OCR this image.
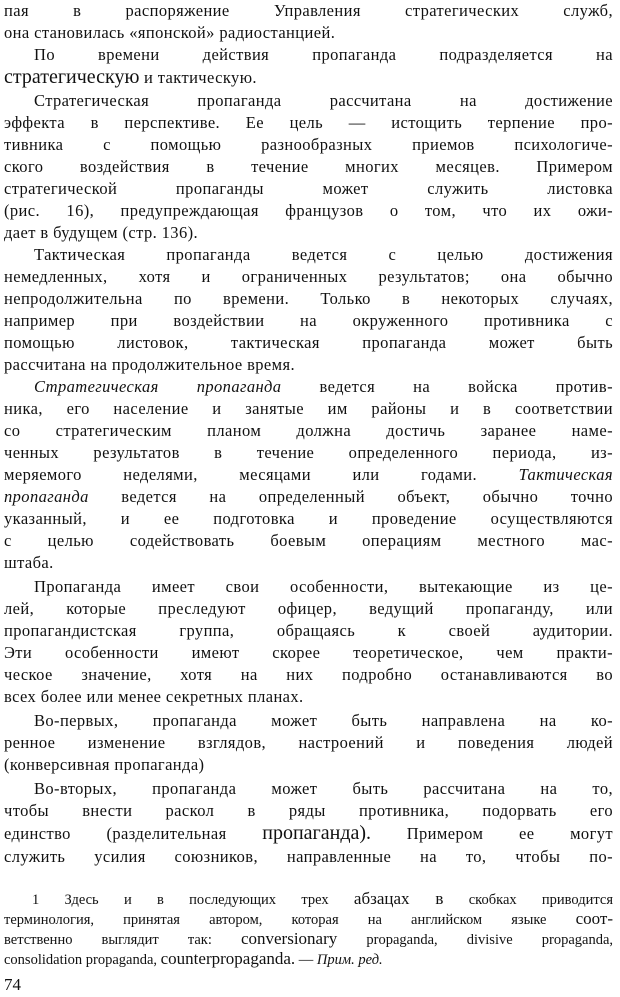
пая в распоряжение Управления стратегических служб,
она становилась «японской» радиостанцией.
По времени действия пропаганда подразделяется на
стратегическую и тактическую.
Стратегическая пропаганда рассчитана на достижение
эффекта в перспективе. Ее цель — истощить терпение про-
тивника с помощью разнообразных приемов психологиче-
ского воздействия в течение многих месяцев. Примером
стратегической пропаганды может служить листовка
(рис. 16), предупреждающая французов о том, что их ожи-
дает в будущем (стр. 136).
Тактическая пропаганда ведется с целью достижения
немедленных, хотя и ограниченных результатов; она обычно
непродолжительна по времени. Только в некоторых случаях,
например при воздействии на окруженного противника с
помощью листовок, тактическая пропаганда может быть
рассчитана на продолжительное время.
Стратегическая пропаганда ведется на войска против-
ника, его население и занятые им районы и в соответствии
со стратегическим планом должна достичь заранее наме-
ченных результатов в течение определенного периода, из-
меряемого неделями, месяцами или годами.	Тактическая
пропаганда ведется на определенный объект, обычно точно
указанный, и ее подготовка и проведение осуществляются
с целью содействовать боевым операциям местного мас-
штаба.
Пропаганда имеет свои особенности, вытекающие из це-
лей, которые преследуют офицер, ведущий пропаганду, или
пропагандистская группа, обращаясь к своей аудитории.
Эти особенности имеют скорее теоретическое, чем практи-
ческое значение, хотя на них подробно останавливаются во
всех более или менее секретных планах.
Во-первых, пропаганда может быть направлена на ко-
ренное изменение взглядов, настроений и поведения людей
(конверсивная пропаганда)
Во-вторых, пропаганда может быть рассчитана на то,
чтобы внести раскол в ряды противника, подорвать его
единство (разделительная пропаганда). Примером ее могут
служить усилия союзников, направленные на то, чтобы по-
1 Здесь и в последующих трех абзацах в скобках приводится
терминология, принятая автором, которая на английском языке соот-
ветственно выглядит так: conversionary propaganda, divisive propaganda,
consolidation propaganda, counterpropaganda. — Прим. ред.
74
